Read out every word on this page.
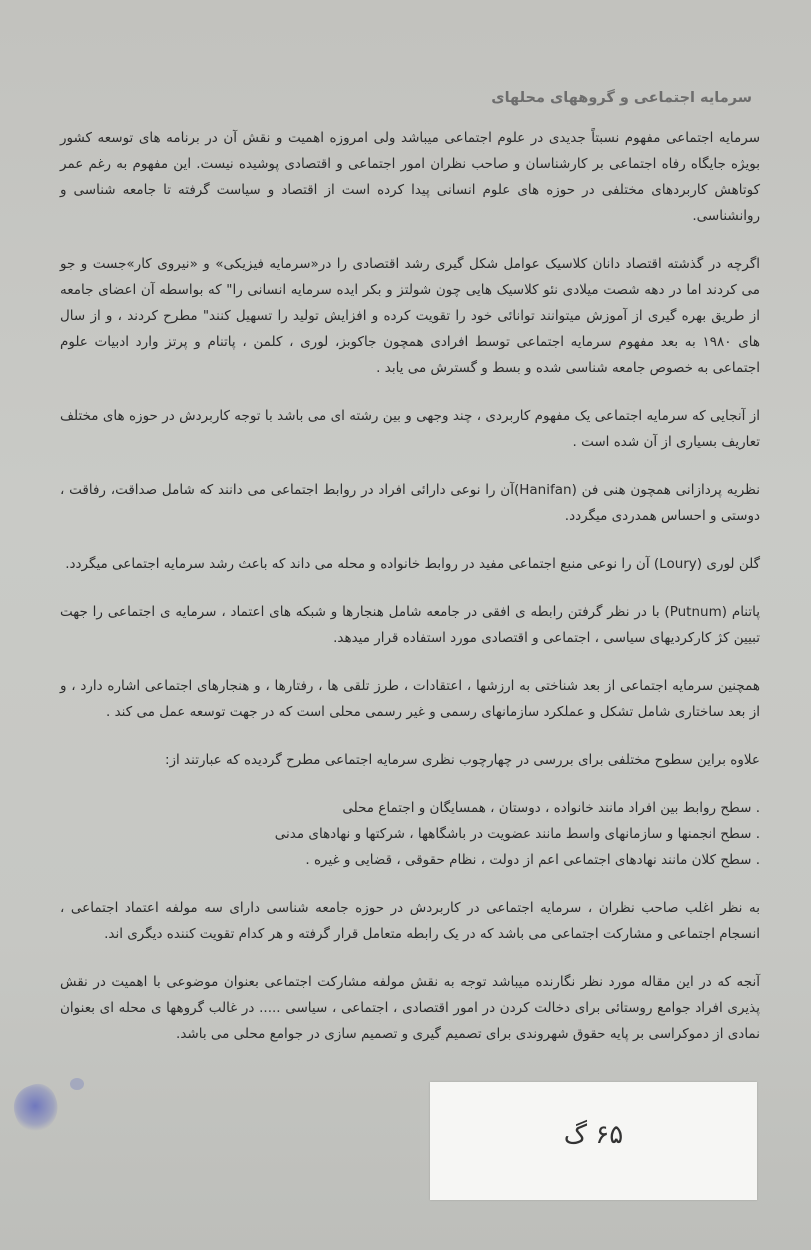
سرمایه اجتماعی و گروههای محلهای

سرمایه اجتماعی مفهوم نسبتاً جدیدی در علوم اجتماعی میباشد ولی امروزه اهمیت و نقش آن در برنامه های توسعه کشور بویژه جایگاه رفاه اجتماعی بر کارشناسان و صاحب نظران امور اجتماعی و اقتصادی پوشیده نیست. این مفهوم به رغم عمر کوتاهش کاربردهای مختلفی در حوزه های علوم انسانی پیدا کرده است از اقتصاد و سیاست گرفته تا جامعه شناسی و روانشناسی.

اگرچه در گذشته اقتصاد دانان کلاسیک عوامل شکل گیری رشد اقتصادی را در«سرمایه فیزیکی» و «نیروی کار»جست و جو می کردند اما در دهه شصت میلادی نئو کلاسیک هایی چون شولتز و بکر ایده سرمایه انسانی را" که بواسطه آن اعضای جامعه از طریق بهره گیری از آموزش میتوانند توانائی خود را تقویت کرده و افزایش تولید را تسهیل کنند" مطرح کردند ، و از سال های ۱۹۸۰ به بعد مفهوم سرمایه اجتماعی توسط افرادی همچون جاکوبز، لوری ، کلمن ، پاتنام و پرتز وارد ادبیات علوم اجتماعی به خصوص جامعه شناسی شده و بسط و گسترش می یابد .

از آنجایی که سرمایه اجتماعی یک مفهوم کاربردی ، چند وجهی و بین رشته ای می باشد با توجه کاربردش در حوزه های مختلف تعاریف بسیاری از آن شده است .

نظریه پردازانی همچون هنی فن (Hanifan)آن را نوعی دارائی افراد در روابط اجتماعی می دانند که شامل صداقت، رفاقت ، دوستی و احساس همدردی میگردد.

گلن لوری (Loury) آن را نوعی منبع اجتماعی مفید در روابط خانواده و محله می داند که باعث رشد سرمایه اجتماعی میگردد.

پاتنام (Putnum) با در نظر گرفتن رابطه ی افقی در جامعه شامل هنجارها و شبکه های اعتماد ، سرمایه ی اجتماعی را جهت تبیین کژ کارکردیهای سیاسی ، اجتماعی و اقتصادی مورد استفاده قرار میدهد.

همچنین سرمایه اجتماعی از بعد شناختی به ارزشها ، اعتقادات ، طرز تلقی ها ، رفتارها ، و هنجارهای اجتماعی اشاره دارد ، و از بعد ساختاری شامل تشکل و عملکرد سازمانهای رسمی و غیر رسمی محلی است که در جهت توسعه عمل می کند .

علاوه براین سطوح مختلفی برای بررسی در چهارچوب نظری سرمایه اجتماعی مطرح گردیده که عبارتند از:

. سطح روابط بین افراد مانند خانواده ، دوستان ، همسایگان و اجتماع محلی
. سطح انجمنها و سازمانهای واسط مانند عضویت در باشگاهها ، شرکتها و نهادهای مدنی
. سطح کلان مانند نهادهای اجتماعی اعم از دولت ، نظام حقوقی ، قضایی و غیره .

به نظر اغلب صاحب نظران ، سرمایه اجتماعی در کاربردش در حوزه جامعه شناسی دارای سه مولفه اعتماد اجتماعی ، انسجام اجتماعی و مشارکت اجتماعی می باشد که در یک رابطه متعامل قرار گرفته و هر کدام تقویت کننده دیگری اند.

آنجه که در این مقاله مورد نظر نگارنده میباشد توجه به نقش مولفه مشارکت اجتماعی بعنوان موضوعی با اهمیت در نقش پذیری افراد جوامع روستائی برای دخالت کردن در امور اقتصادی ، اجتماعی ، سیاسی ..... در غالب گروهها ی محله ای بعنوان نمادی از دموکراسی بر پایه حقوق شهروندی برای تصمیم گیری و تصمیم سازی در جوامع محلی می باشد.

۶۵ گ
